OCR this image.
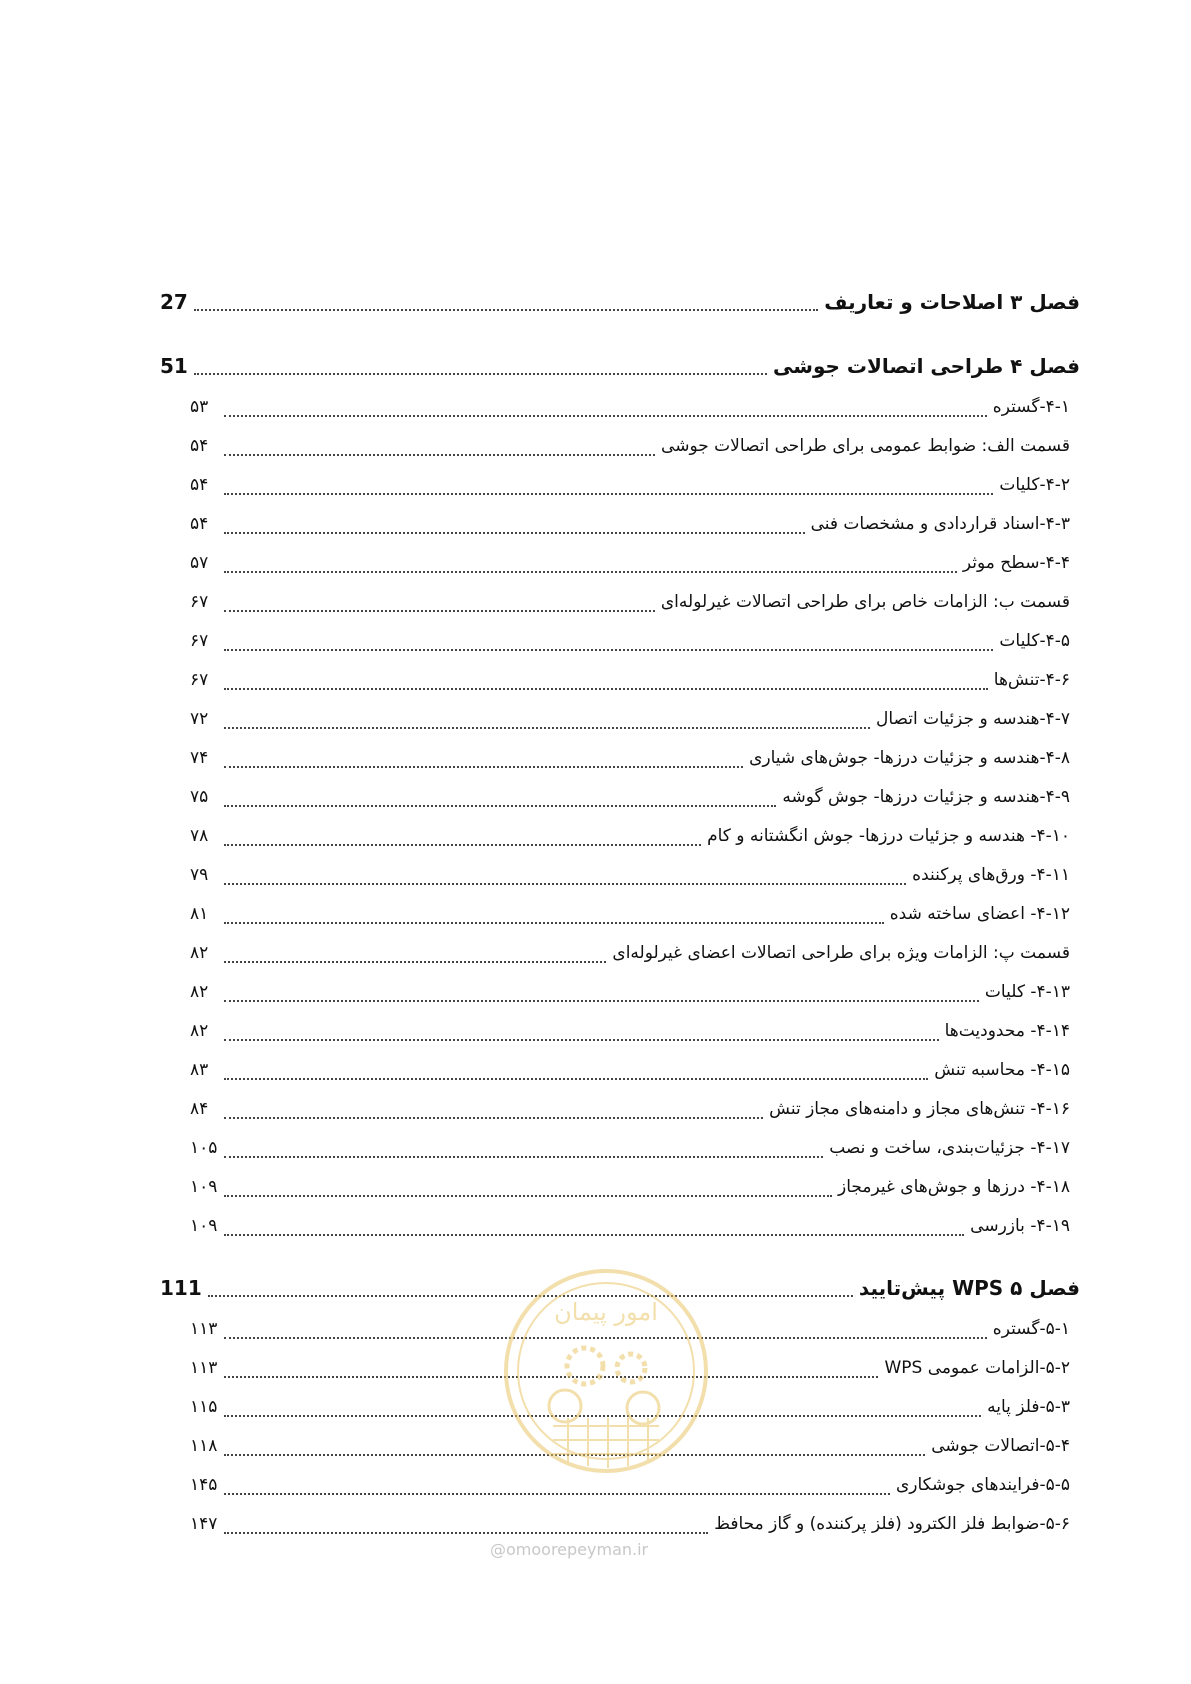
فصل ۳ اصلاحات و تعاریف
27
فصل ۴ طراحی اتصالات جوشی
51
۴-۱-گستره
۵۳
قسمت الف: ضوابط عمومی برای طراحی اتصالات جوشی
۵۴
۴-۲-کلیات
۵۴
۴-۳-اسناد قراردادی و مشخصات فنی
۵۴
۴-۴-سطح موثر
۵۷
قسمت ب: الزامات خاص برای طراحی اتصالات غیرلوله‌ای
۶۷
۴-۵-کلیات
۶۷
۴-۶-تنش‌ها
۶۷
۴-۷-هندسه و جزئیات اتصال
۷۲
۴-۸-هندسه و جزئیات درزها- جوش‌های شیاری
۷۴
۴-۹-هندسه و جزئیات درزها- جوش گوشه
۷۵
۴-۱۰- هندسه و جزئیات درزها- جوش انگشتانه و کام
۷۸
۴-۱۱- ورق‌های پرکننده
۷۹
۴-۱۲- اعضای ساخته شده
۸۱
قسمت پ: الزامات ویژه برای طراحی اتصالات اعضای غیرلوله‌ای
۸۲
۴-۱۳- کلیات
۸۲
۴-۱۴- محدودیت‌ها
۸۲
۴-۱۵- محاسبه تنش
۸۳
۴-۱۶- تنش‌های مجاز و دامنه‌های مجاز تنش
۸۴
۴-۱۷- جزئیات‌بندی، ساخت و نصب
۱۰۵
۴-۱۸- درزها و جوش‌های غیرمجاز
۱۰۹
۴-۱۹- بازرسی
۱۰۹
فصل ۵ WPS پیش‌تایید
111
۵-۱-گستره
۱۱۳
۵-۲-الزامات عمومی WPS
۱۱۳
۵-۳-فلز پایه
۱۱۵
۵-۴-اتصالات جوشی
۱۱۸
۵-۵-فرایندهای جوشکاری
۱۴۵
۵-۶-ضوابط فلز الکترود (فلز پرکننده) و گاز محافظ
۱۴۷
امور پیمان
@omoorepeyman.ir
